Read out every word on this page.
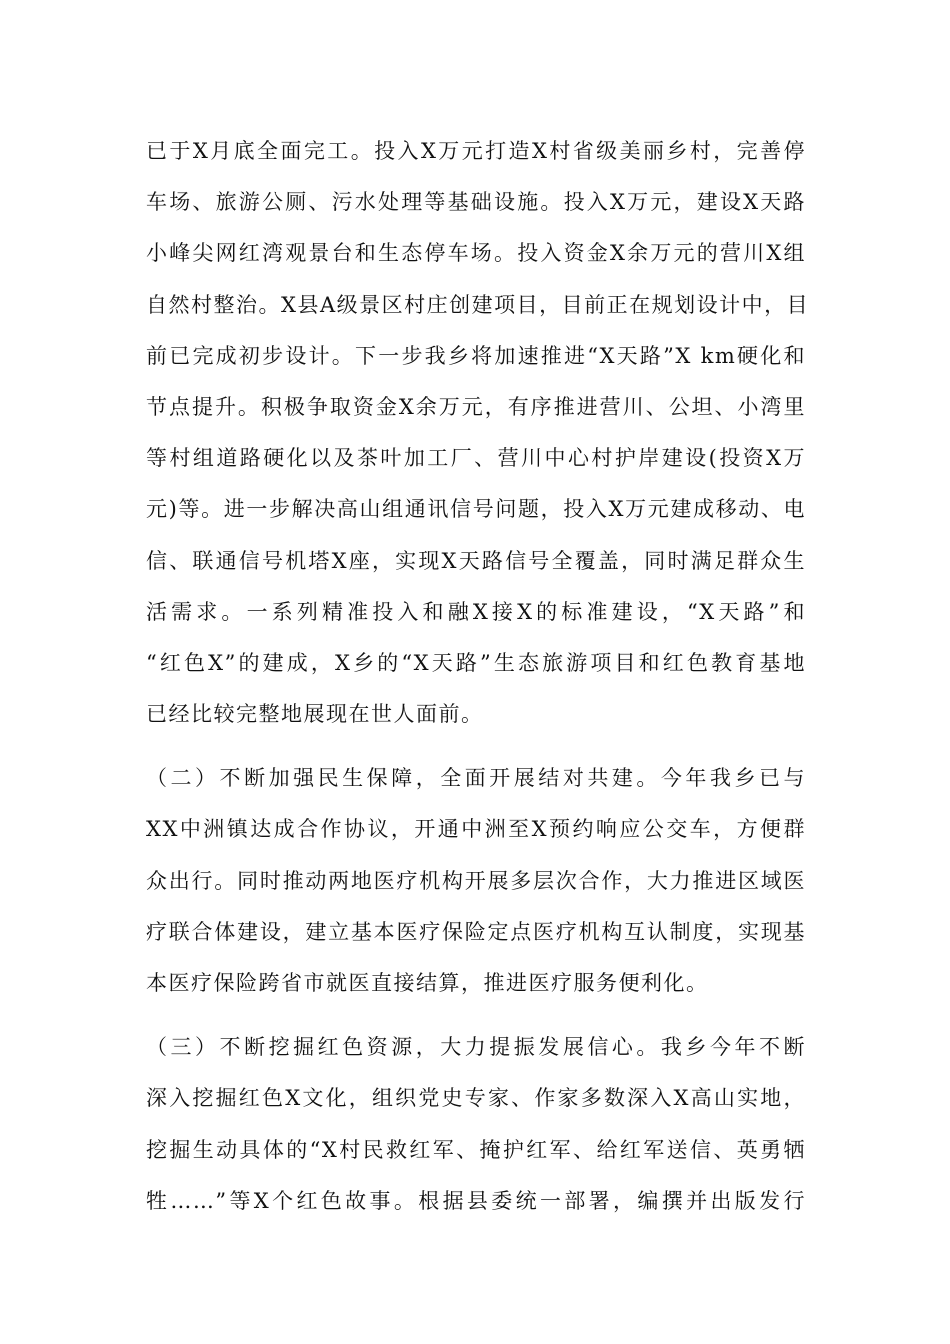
已于X月底全面完工。投入X万元打造X村省级美丽乡村，完善停
车场、旅游公厕、污水处理等基础设施。投入X万元，建设X天路
小峰尖网红湾观景台和生态停车场。投入资金X余万元的营川X组
自然村整治。X县A级景区村庄创建项目，目前正在规划设计中，目
前已完成初步设计。下一步我乡将加速推进“X天路”X km硬化和
节点提升。积极争取资金X余万元，有序推进营川、公坦、小湾里
等村组道路硬化以及茶叶加工厂、营川中心村护岸建设(投资X万
元)等。进一步解决高山组通讯信号问题，投入X万元建成移动、电
信、联通信号机塔X座，实现X天路信号全覆盖，同时满足群众生
活需求。一系列精准投入和融X接X的标准建设，“X天路”和
“红色X”的建成，X乡的“X天路”生态旅游项目和红色教育基地
已经比较完整地展现在世人面前。
（二）不断加强民生保障，全面开展结对共建。今年我乡已与
XX中洲镇达成合作协议，开通中洲至X预约响应公交车，方便群
众出行。同时推动两地医疗机构开展多层次合作，大力推进区域医
疗联合体建设，建立基本医疗保险定点医疗机构互认制度，实现基
本医疗保险跨省市就医直接结算，推进医疗服务便利化。
（三）不断挖掘红色资源，大力提振发展信心。我乡今年不断
深入挖掘红色X文化，组织党史专家、作家多数深入X高山实地，
挖掘生动具体的“X村民救红军、掩护红军、给红军送信、英勇牺
牲……”等X个红色故事。根据县委统一部署，编撰并出版发行
